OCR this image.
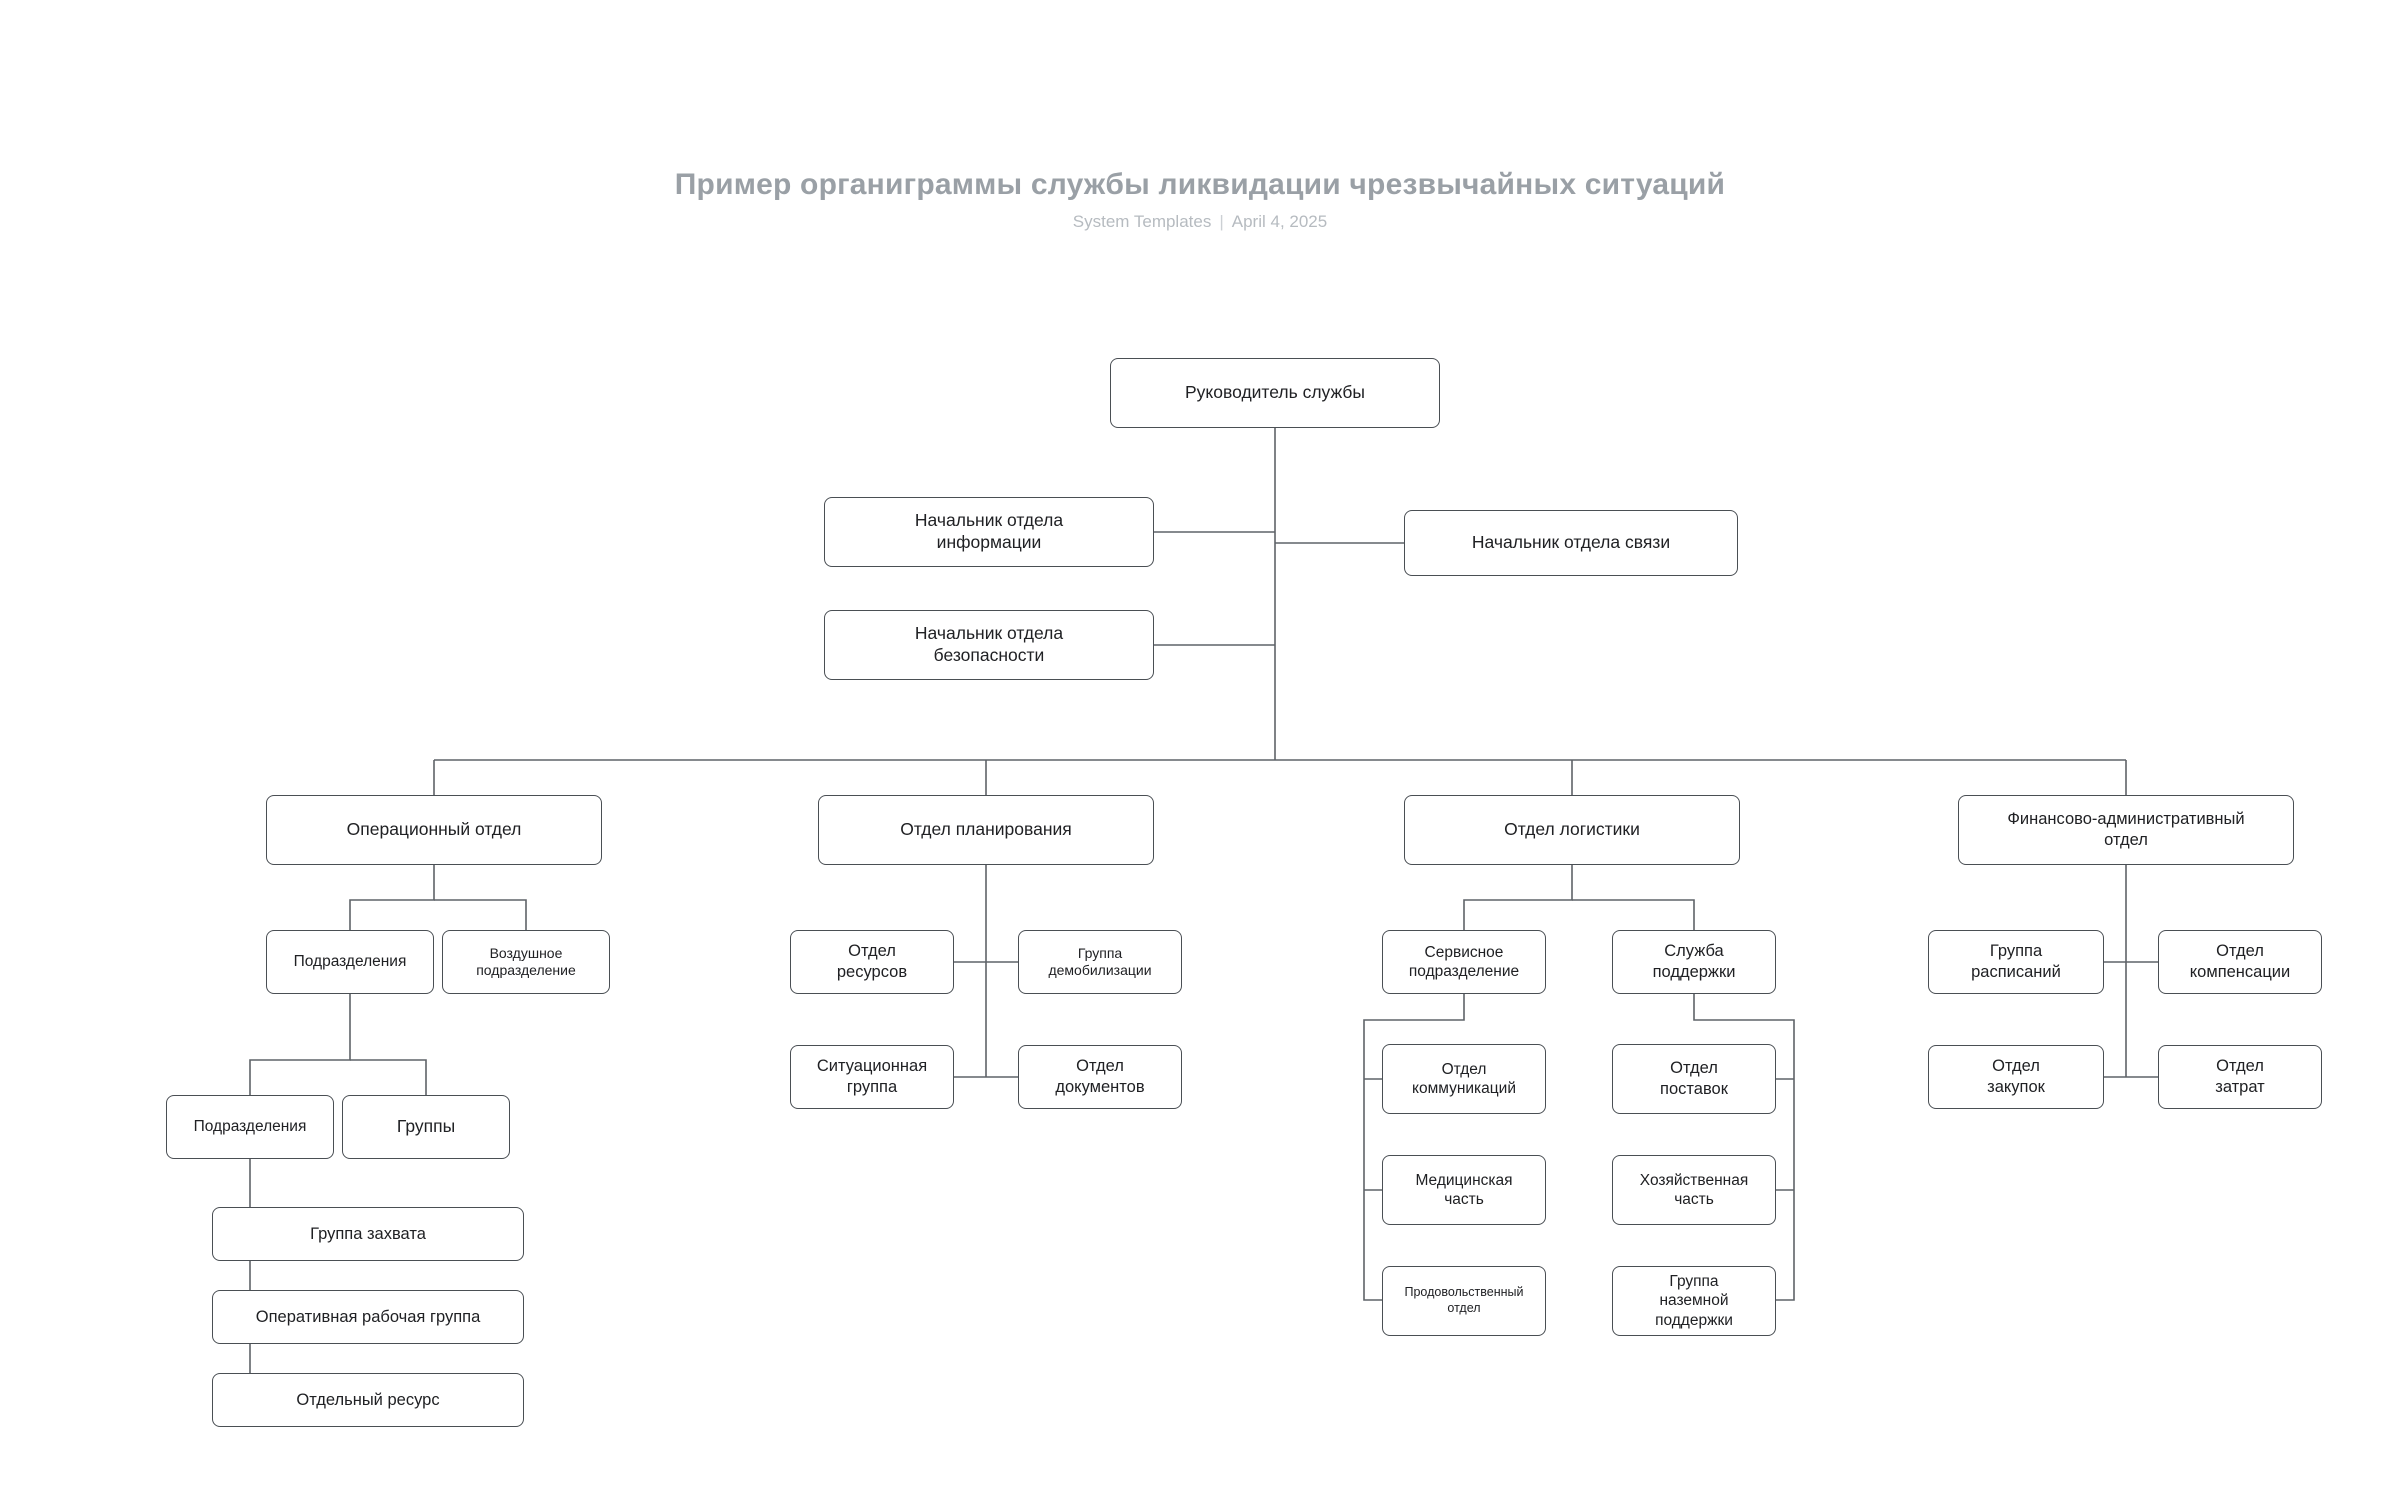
Пример органиграммы службы ликвидации чрезвычайных ситуаций
System Templates | April 4, 2025
Руководитель службы
Начальник отдела
информации	Начальник отдела связи
Начальник отдела
безопасности
Операционный отдел	Отдел планирования	Отдел логистики	Финансово-административный
отдел
Подразделения
Воздушное
подразделение
Подразделения	Группы
Группа захвата
Оперативная рабочая группа
Отдельный ресурс
Отдел
ресурсов
Группа
демобилизации
Ситуационная
группа
Отдел
документов
Сервисное
подразделение
Служба
поддержки
Отдел
коммуникаций
Отдел
поставок
Медицинская
часть
Хозяйственная
часть
Продовольственный
отдел
Группа
наземной
поддержки
Группа
расписаний
Отдел
компенсации
Отдел
закупок
Отдел
затрат
